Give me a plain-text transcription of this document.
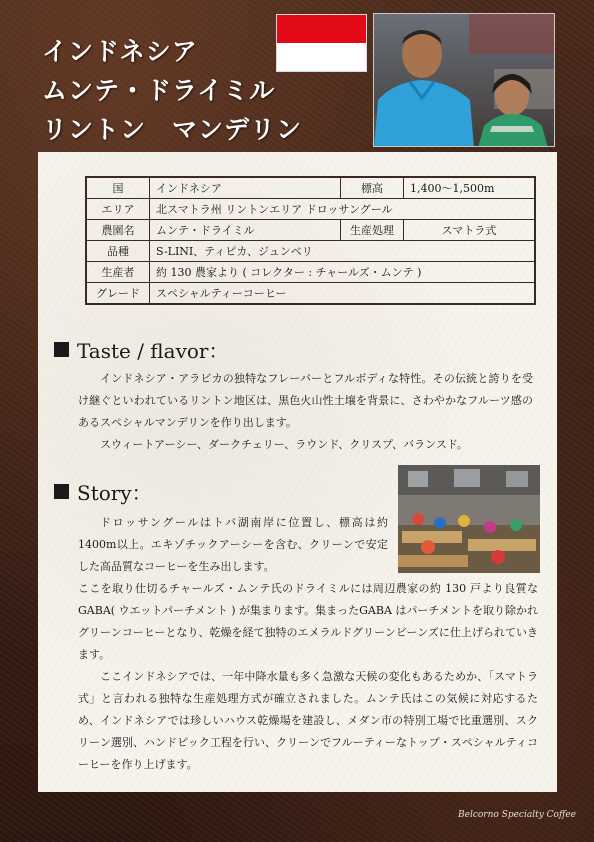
インドネシア
ムンテ・ドライミル
リントン　マンデリン
国	インドネシア	標高	1,400～1,500m
エリア	北スマトラ州 リントンエリア ドロッサングール		
農園名	ムンテ・ドライミル	生産処理	スマトラ式
品種	S-LINI、ティピカ、ジュンベリ		
生産者	約 130 農家より ( コレクター : チャールズ・ムンテ )		
グレード	スペシャルティーコーヒー		
Taste / flavor：

インドネシア・アラビカの独特なフレーバーとフルボディな特性。その伝統と誇りを受け継ぐといわれているリントン地区は、黒色火山性土壌を背景に、さわやかなフルーツ感のあるスペシャルマンデリンを作り出します。

スウィートアーシー、ダークチェリー、ラウンド、クリスプ、バランスド。

Story：

ドロッサングールはトバ湖南岸に位置し、標高は約1400m以上。エキゾチックアーシーを含む、クリーンで安定した高品質なコーヒーを生み出します。

ここを取り仕切るチャールズ・ムンテ氏のドライミルには周辺農家の約 130 戸より良質なGABA( ウエットパーチメント ) が集まります。集まったGABA はパーチメントを取り除かれグリーンコーヒーとなり、乾燥を経て独特のエメラルドグリーンビーンズに仕上げられていきます。

ここインドネシアでは、一年中降水量も多く急激な天候の変化もあるためか、「スマトラ式」と言われる独特な生産処理方式が確立されました。ムンテ氏はこの気候に対応するため、インドネシアでは珍しいハウス乾燥場を建設し、メダン市の特別工場で比重選別、スクリーン選別、ハンドピック工程を行い、クリーンでフルーティーなトップ・スペシャルティコーヒーを作り上げます。

Belcorno Specialty Coffee
